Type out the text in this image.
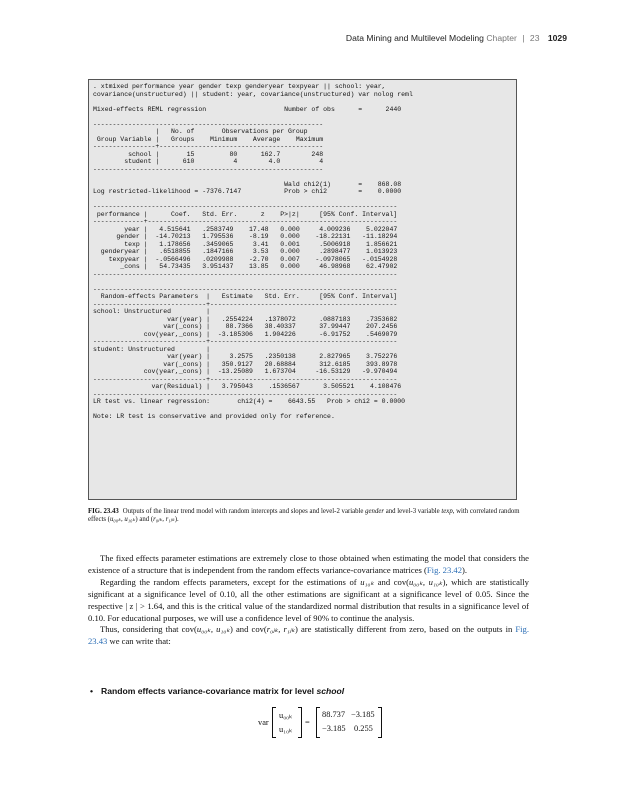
Data Mining and Multilevel Modeling Chapter | 23 1029
. xtmixed performance year gender texp genderyear texpyear || school: year,
covariance(unstructured) || student: year, covariance(unstructured) var nolog reml

Mixed-effects REML regression                    Number of obs      =      2440

-----------------------------------------------------------
|   No. of       Observations per Group
Group Variable |   Groups    Minimum    Average    Maximum
----------------+------------------------------------------
school |       15         80      162.7        248
student |      610          4        4.0          4
-----------------------------------------------------------

Wald chi2(1)       =    868.08
Log restricted-likelihood = -7376.7147           Prob > chi2        =    0.0000

------------------------------------------------------------------------------
performance |      Coef.   Std. Err.      z    P>|z|     [95% Conf. Interval]
-------------+----------------------------------------------------------------
year |   4.515641   .2583749    17.48   0.000     4.009236    5.022047
gender |  -14.70213   1.795536    -8.19   0.000    -18.22131   -11.18294
texp |   1.178656   .3459065     3.41   0.001     .5006918    1.856621
genderyear |   .6518855   .1847166     3.53   0.000     .2898477    1.013923
texpyear |  -.0566496   .0209988    -2.70   0.007    -.0978065   -.0154928
_cons |   54.73435   3.951437    13.85   0.000     46.98968    62.47902
------------------------------------------------------------------------------

------------------------------------------------------------------------------
Random-effects Parameters  |   Estimate   Std. Err.     [95% Conf. Interval]
-----------------------------+------------------------------------------------
school: Unstructured         |
var(year) |   .2554224   .1378072      .0887183    .7353682
var(_cons) |    88.7366   38.40337      37.99447    207.2456
cov(year,_cons) |  -3.185306   1.904226      -6.91752    .5469079
-----------------------------+------------------------------------------------
student: Unstructured        |
var(year) |     3.2575   .2350138      2.827965    3.752276
var(_cons) |   350.9127   20.68884      312.6185    393.8978
cov(year,_cons) |  -13.25089   1.673704     -16.53129   -9.970494
-----------------------------+------------------------------------------------
var(Residual) |   3.795043    .1536567      3.505521    4.108476
------------------------------------------------------------------------------
LR test vs. linear regression:       chi2(4) =    6643.55   Prob > chi2 = 0.0000

Note: LR test is conservative and provided only for reference.

FIG. 23.43 Outputs of the linear trend model with random intercepts and slopes and level-2 variable gender and level-3 variable texp, with correlated random effects (u₀₀ₖ, u₁₀ₖ) and (r₀ⱼₖ, r₁ⱼₖ).

The fixed effects parameter estimations are extremely close to those obtained when estimating the model that considers the existence of a structure that is independent from the random effects variance-covariance matrices (Fig. 23.42).

Regarding the random effects parameters, except for the estimations of u₁₀ₖ and cov(u₀₀ₖ, u₁₀ₖ), which are statistically significant at a significance level of 0.10, all the other estimations are significant at a significance level of 0.05. Since the respective | z | > 1.64, and this is the critical value of the standardized normal distribution that results in a significance level of 0.10. For educational purposes, we will use a confidence level of 90% to continue the analysis.

Thus, considering that cov(u₀₀ₖ, u₁₀ₖ) and cov(r₀ⱼₖ, r₁ⱼₖ) are statistically different from zero, based on the outputs in Fig. 23.43 we can write that:

• Random effects variance-covariance matrix for level school
var
u₀₀ₖ
u₁₀ₖ
=
88.737 −3.185
−3.185 0.255
